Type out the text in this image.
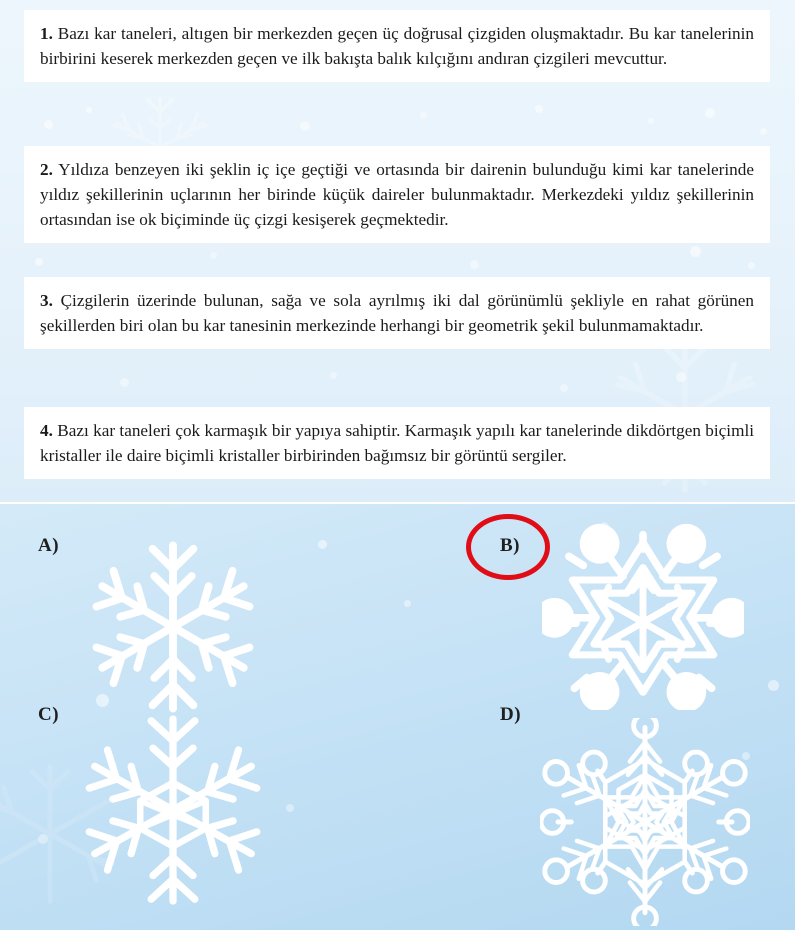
1. Bazı kar taneleri, altıgen bir merkezden geçen üç doğrusal çizgiden oluşmaktadır. Bu kar tanelerinin birbirini keserek merkezden geçen ve ilk bakışta balık kılçığını andıran çizgileri mevcuttur.

2. Yıldıza benzeyen iki şeklin iç içe geçtiği ve ortasında bir dairenin bulunduğu kimi kar tanelerinde yıldız şekillerinin uçlarının her birinde küçük daireler bulunmaktadır. Merkezdeki yıldız şekillerinin ortasından ise ok biçiminde üç çizgi kesişerek geçmektedir.

3. Çizgilerin üzerinde bulunan, sağa ve sola ayrılmış iki dal görünümlü şekliyle en rahat görünen şekillerden biri olan bu kar tanesinin merkezinde herhangi bir geometrik şekil bulunmamaktadır.

4. Bazı kar taneleri çok karmaşık bir yapıya sahiptir. Karmaşık yapılı kar tanelerinde dikdörtgen biçimli kristaller ile daire biçimli kristaller birbirinden bağımsız bir görüntü sergiler.

A)	B)
C)	D)
